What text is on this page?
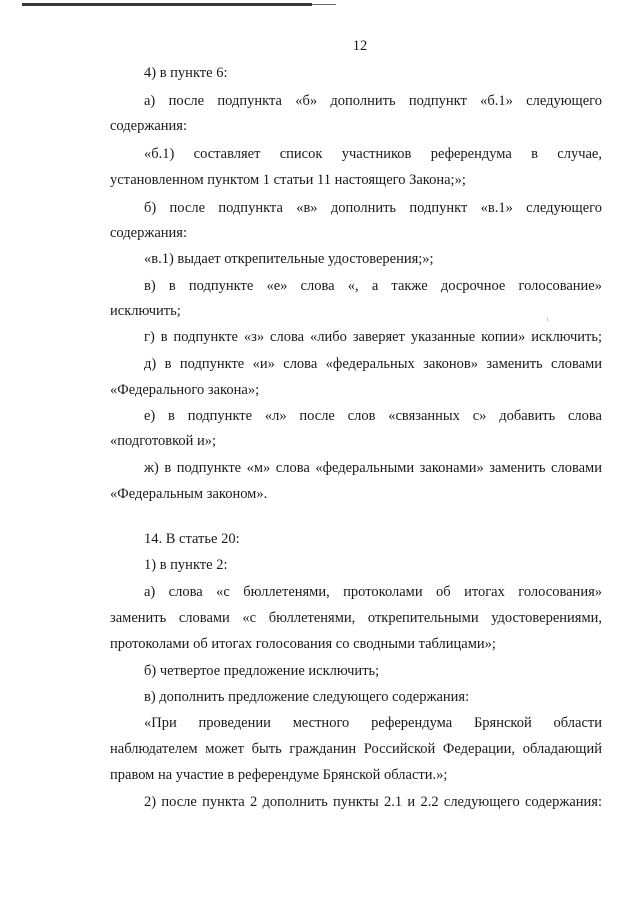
12
4) в пункте 6:
а) после подпункта «б» дополнить подпункт «б.1» следующего
содержания:
«б.1) составляет список участников референдума в случае,
установленном пунктом 1 статьи 11 настоящего Закона;»;
б) после подпункта «в» дополнить подпункт «в.1» следующего
содержания:
«в.1) выдает открепительные удостоверения;»;
в) в подпункте «е» слова «, а также досрочное голосование»
исключить;
г) в подпункте «з» слова «либо заверяет указанные копии» исключить;
д) в подпункте «и» слова «федеральных законов» заменить словами
«Федерального закона»;
е) в подпункте «л» после слов «связанных с» добавить слова
«подготовкой и»;
ж) в подпункте «м» слова «федеральными законами» заменить словами
«Федеральным законом».
14. В статье 20:
1) в пункте 2:
а) слова «с бюллетенями, протоколами об итогах голосования»
заменить словами «с бюллетенями, открепительными удостоверениями,
протоколами об итогах голосования со сводными таблицами»;
б) четвертое предложение исключить;
в) дополнить предложение следующего содержания:
«При проведении местного референдума Брянской области
наблюдателем может быть гражданин Российской Федерации, обладающий
правом на участие в референдуме Брянской области.»;
2) после пункта 2 дополнить пункты 2.1 и 2.2 следующего содержания:
